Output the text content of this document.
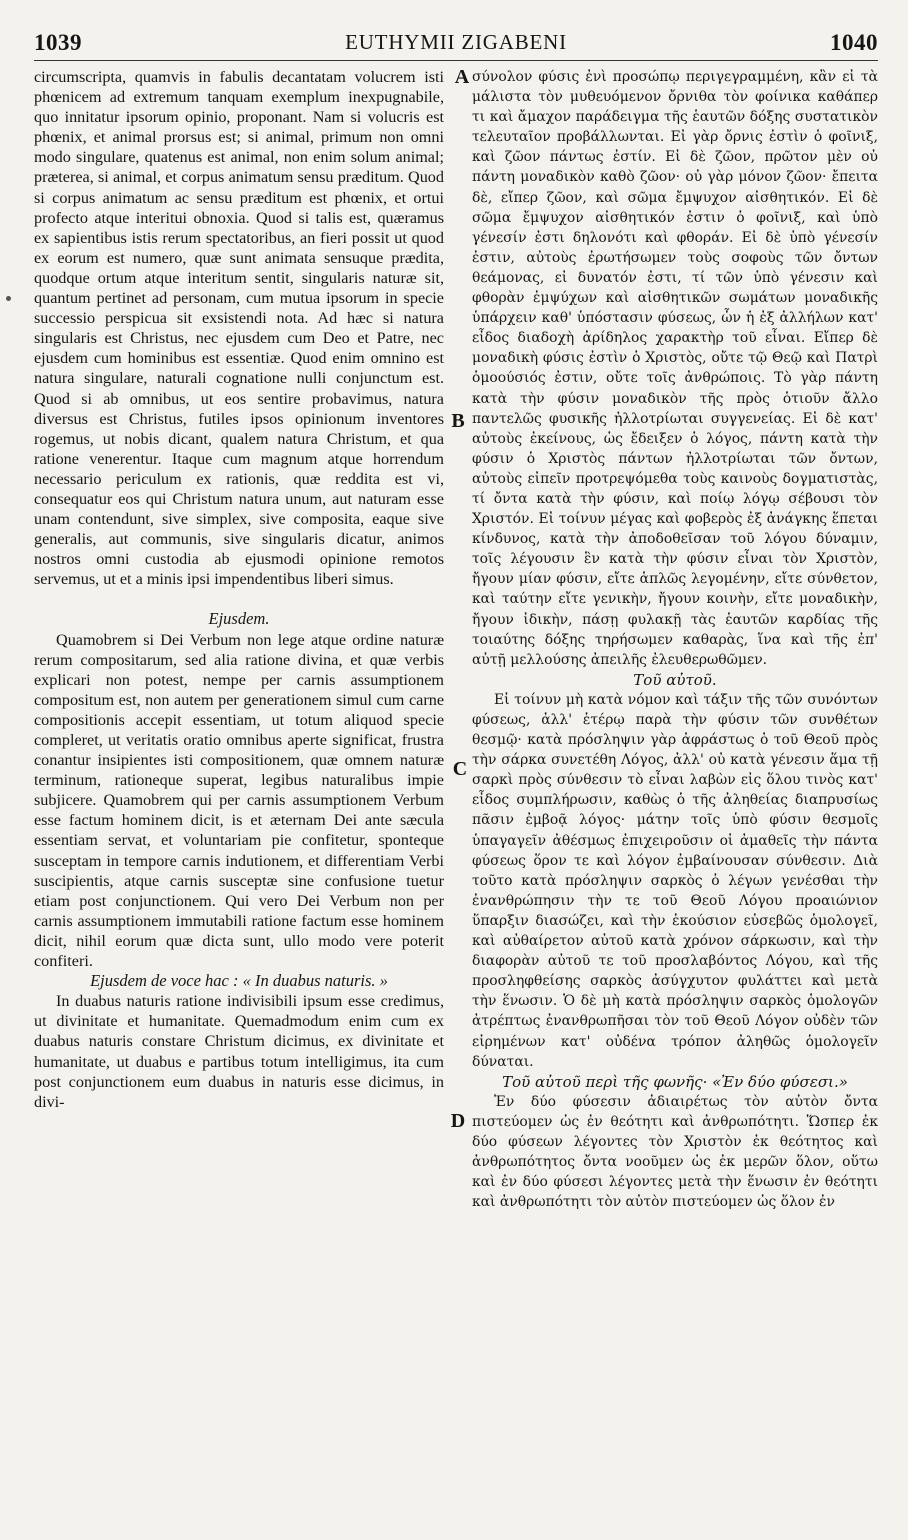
1039	EUTHYMII ZIGABENI	1040

circumscripta, quamvis in fabulis decantatam volucrem isti phœnicem ad extremum tanquam exemplum inexpugnabile, quo innitatur ipsorum opinio, proponant. Nam si volucris est phœnix, et animal prorsus est; si animal, primum non omni modo singulare, quatenus est animal, non enim solum animal; præterea, si animal, et corpus animatum sensu præditum. Quod si corpus animatum ac sensu præditum est phœnix, et ortui profecto atque interitui obnoxia. Quod si talis est, quæramus ex sapientibus istis rerum spectatoribus, an fieri possit ut quod ex eorum est numero, quæ sunt animata sensuque prædita, quodque ortum atque interitum sentit, singularis naturæ sit, quantum pertinet ad personam, cum mutua ipsorum in specie successio perspicua sit exsistendi nota. Ad hæc si natura singularis est Christus, nec ejusdem cum Deo et Patre, nec ejusdem cum hominibus est essentiæ. Quod enim omnino est natura singulare, naturali cognatione nulli conjunctum est. Quod si ab omnibus, ut eos sentire probavimus, natura diversus est Christus, futiles ipsos opinionum inventores rogemus, ut nobis dicant, qualem natura Christum, et qua ratione venerentur. Itaque cum magnum atque horrendum necessario periculum ex rationis, quæ reddita est vi, consequatur eos qui Christum natura unum, aut naturam esse unam contendunt, sive simplex, sive composita, eaque sive generalis, aut communis, sive singularis dicatur, animos nostros omni custodia ab ejusmodi opinione remotos servemus, ut et a minis ipsi impendentibus liberi simus.

Ejusdem.

Quamobrem si Dei Verbum non lege atque ordine naturæ rerum compositarum, sed alia ratione divina, et quæ verbis explicari non potest, nempe per carnis assumptionem compositum est, non autem per generationem simul cum carne compositionis accepit essentiam, ut totum aliquod specie compleret, ut veritatis oratio omnibus aperte significat, frustra conantur insipientes isti compositionem, quæ omnem naturæ terminum, rationeque superat, legibus naturalibus impie subjicere. Quamobrem qui per carnis assumptionem Verbum esse factum hominem dicit, is et æternam Dei ante sæcula essentiam servat, et voluntariam pie confitetur, sponteque susceptam in tempore carnis indutionem, et differentiam Verbi suscipientis, atque carnis susceptæ sine confusione tuetur etiam post conjunctionem. Qui vero Dei Verbum non per carnis assumptionem immutabili ratione factum esse hominem dicit, nihil eorum quæ dicta sunt, ullo modo vere poterit confiteri.

Ejusdem de voce hac : « In duabus naturis. »

In duabus naturis ratione indivisibili ipsum esse credimus, ut divinitate et humanitate. Quemadmodum enim cum ex duabus naturis constare Christum dicimus, ex divinitate et humanitate, ut duabus e partibus totum intelligimus, ita cum post conjunctionem eum duabus in naturis esse dicimus, in divi-

A
B
C
D

σύνολον φύσις ἐνὶ προσώπῳ περιγεγραμμένη, κἂν εἰ τὰ μάλιστα τὸν μυθευόμενον ὄρνιθα τὸν φοίνικα καθάπερ τι καὶ ἄμαχον παράδειγμα τῆς ἑαυτῶν δόξης συστατικὸν τελευταῖον προβάλλωνται. Εἰ γὰρ ὄρνις ἐστὶν ὁ φοῖνιξ, καὶ ζῶον πάντως ἐστίν. Εἰ δὲ ζῶον, πρῶτον μὲν οὐ πάντη μοναδικὸν καθὸ ζῶον· οὐ γὰρ μόνον ζῶον· ἔπειτα δὲ, εἴπερ ζῶον, καὶ σῶμα ἔμψυχον αἰσθητικόν. Εἰ δὲ σῶμα ἔμψυχον αἰσθητικόν ἐστιν ὁ φοῖνιξ, καὶ ὑπὸ γένεσίν ἐστι δηλονότι καὶ φθοράν. Εἰ δὲ ὑπὸ γένεσίν ἐστιν, αὐτοὺς ἐρωτήσωμεν τοὺς σοφοὺς τῶν ὄντων θεάμονας, εἰ δυνατόν ἐστι, τί τῶν ὑπὸ γένεσιν καὶ φθορὰν ἐμψύχων καὶ αἰσθητικῶν σωμάτων μοναδικῆς ὑπάρχειν καθ' ὑπόστασιν φύσεως, ὧν ἡ ἐξ ἀλλήλων κατ' εἶδος διαδοχὴ ἀρίδηλος χαρακτὴρ τοῦ εἶναι. Εἴπερ δὲ μοναδικὴ φύσις ἐστὶν ὁ Χριστὸς, οὔτε τῷ Θεῷ καὶ Πατρὶ ὁμοούσιός ἐστιν, οὔτε τοῖς ἀνθρώποις. Τὸ γὰρ πάντη κατὰ τὴν φύσιν μοναδικὸν τῆς πρὸς ὁτιοῦν ἄλλο παντελῶς φυσικῆς ἠλλοτρίωται συγγενείας. Εἰ δὲ κατ' αὐτοὺς ἐκείνους, ὡς ἔδειξεν ὁ λόγος, πάντη κατὰ τὴν φύσιν ὁ Χριστὸς πάντων ἠλλοτρίωται τῶν ὄντων, αὐτοὺς εἰπεῖν προτρεψόμεθα τοὺς καινοὺς δογματιστὰς, τί ὄντα κατὰ τὴν φύσιν, καὶ ποίῳ λόγῳ σέβουσι τὸν Χριστόν. Εἰ τοίνυν μέγας καὶ φοβερὸς ἐξ ἀνάγκης ἕπεται κίνδυνος, κατὰ τὴν ἀποδοθεῖσαν τοῦ λόγου δύναμιν, τοῖς λέγουσιν ἓν κατὰ τὴν φύσιν εἶναι τὸν Χριστὸν, ἤγουν μίαν φύσιν, εἴτε ἁπλῶς λεγομένην, εἴτε σύνθετον, καὶ ταύτην εἴτε γενικὴν, ἤγουν κοινὴν, εἴτε μοναδικὴν, ἤγουν ἰδικὴν, πάσῃ φυλακῇ τὰς ἑαυτῶν καρδίας τῆς τοιαύτης δόξης τηρήσωμεν καθαρὰς, ἵνα καὶ τῆς ἐπ' αὐτῇ μελλούσης ἀπειλῆς ἐλευθερωθῶμεν.

Τοῦ αὐτοῦ.

Εἰ τοίνυν μὴ κατὰ νόμον καὶ τάξιν τῆς τῶν συνόντων φύσεως, ἀλλ' ἑτέρῳ παρὰ τὴν φύσιν τῶν συνθέτων θεσμῷ· κατὰ πρόσληψιν γὰρ ἀφράστως ὁ τοῦ Θεοῦ πρὸς τὴν σάρκα συνετέθη Λόγος, ἀλλ' οὐ κατὰ γένεσιν ἅμα τῇ σαρκὶ πρὸς σύνθεσιν τὸ εἶναι λαβὼν εἰς ὅλου τινὸς κατ' εἶδος συμπλήρωσιν, καθὼς ὁ τῆς ἀληθείας διαπρυσίως πᾶσιν ἐμβοᾷ λόγος· μάτην τοῖς ὑπὸ φύσιν θεσμοῖς ὑπαγαγεῖν ἀθέσμως ἐπιχειροῦσιν οἱ ἀμαθεῖς τὴν πάντα φύσεως ὅρον τε καὶ λόγον ἐμβαίνουσαν σύνθεσιν. Διὰ τοῦτο κατὰ πρόσληψιν σαρκὸς ὁ λέγων γενέσθαι τὴν ἐνανθρώπησιν τὴν τε τοῦ Θεοῦ Λόγου προαιώνιον ὕπαρξιν διασώζει, καὶ τὴν ἑκούσιον εὐσεβῶς ὁμολογεῖ, καὶ αὐθαίρετον αὐτοῦ κατὰ χρόνον σάρκωσιν, καὶ τὴν διαφορὰν αὐτοῦ τε τοῦ προσλαβόντος Λόγου, καὶ τῆς προσληφθείσης σαρκὸς ἀσύγχυτον φυλάττει καὶ μετὰ τὴν ἕνωσιν. Ὁ δὲ μὴ κατὰ πρόσληψιν σαρκὸς ὁμολογῶν ἀτρέπτως ἐνανθρωπῆσαι τὸν τοῦ Θεοῦ Λόγον οὐδὲν τῶν εἰρημένων κατ' οὐδένα τρόπον ἀληθῶς ὁμολογεῖν δύναται.

Τοῦ αὐτοῦ περὶ τῆς φωνῆς· «Ἐν δύο φύσεσι.»

Ἐν δύο φύσεσιν ἀδιαιρέτως τὸν αὐτὸν ὄντα πιστεύομεν ὡς ἐν θεότητι καὶ ἀνθρωπότητι. Ὥσπερ ἐκ δύο φύσεων λέγοντες τὸν Χριστὸν ἐκ θεότητος καὶ ἀνθρωπότητος ὄντα νοοῦμεν ὡς ἐκ μερῶν ὅλον, οὕτω καὶ ἐν δύο φύσεσι λέγοντες μετὰ τὴν ἕνωσιν ἐν θεότητι καὶ ἀνθρωπότητι τὸν αὐτὸν πιστεύομεν ὡς ὅλον ἐν
